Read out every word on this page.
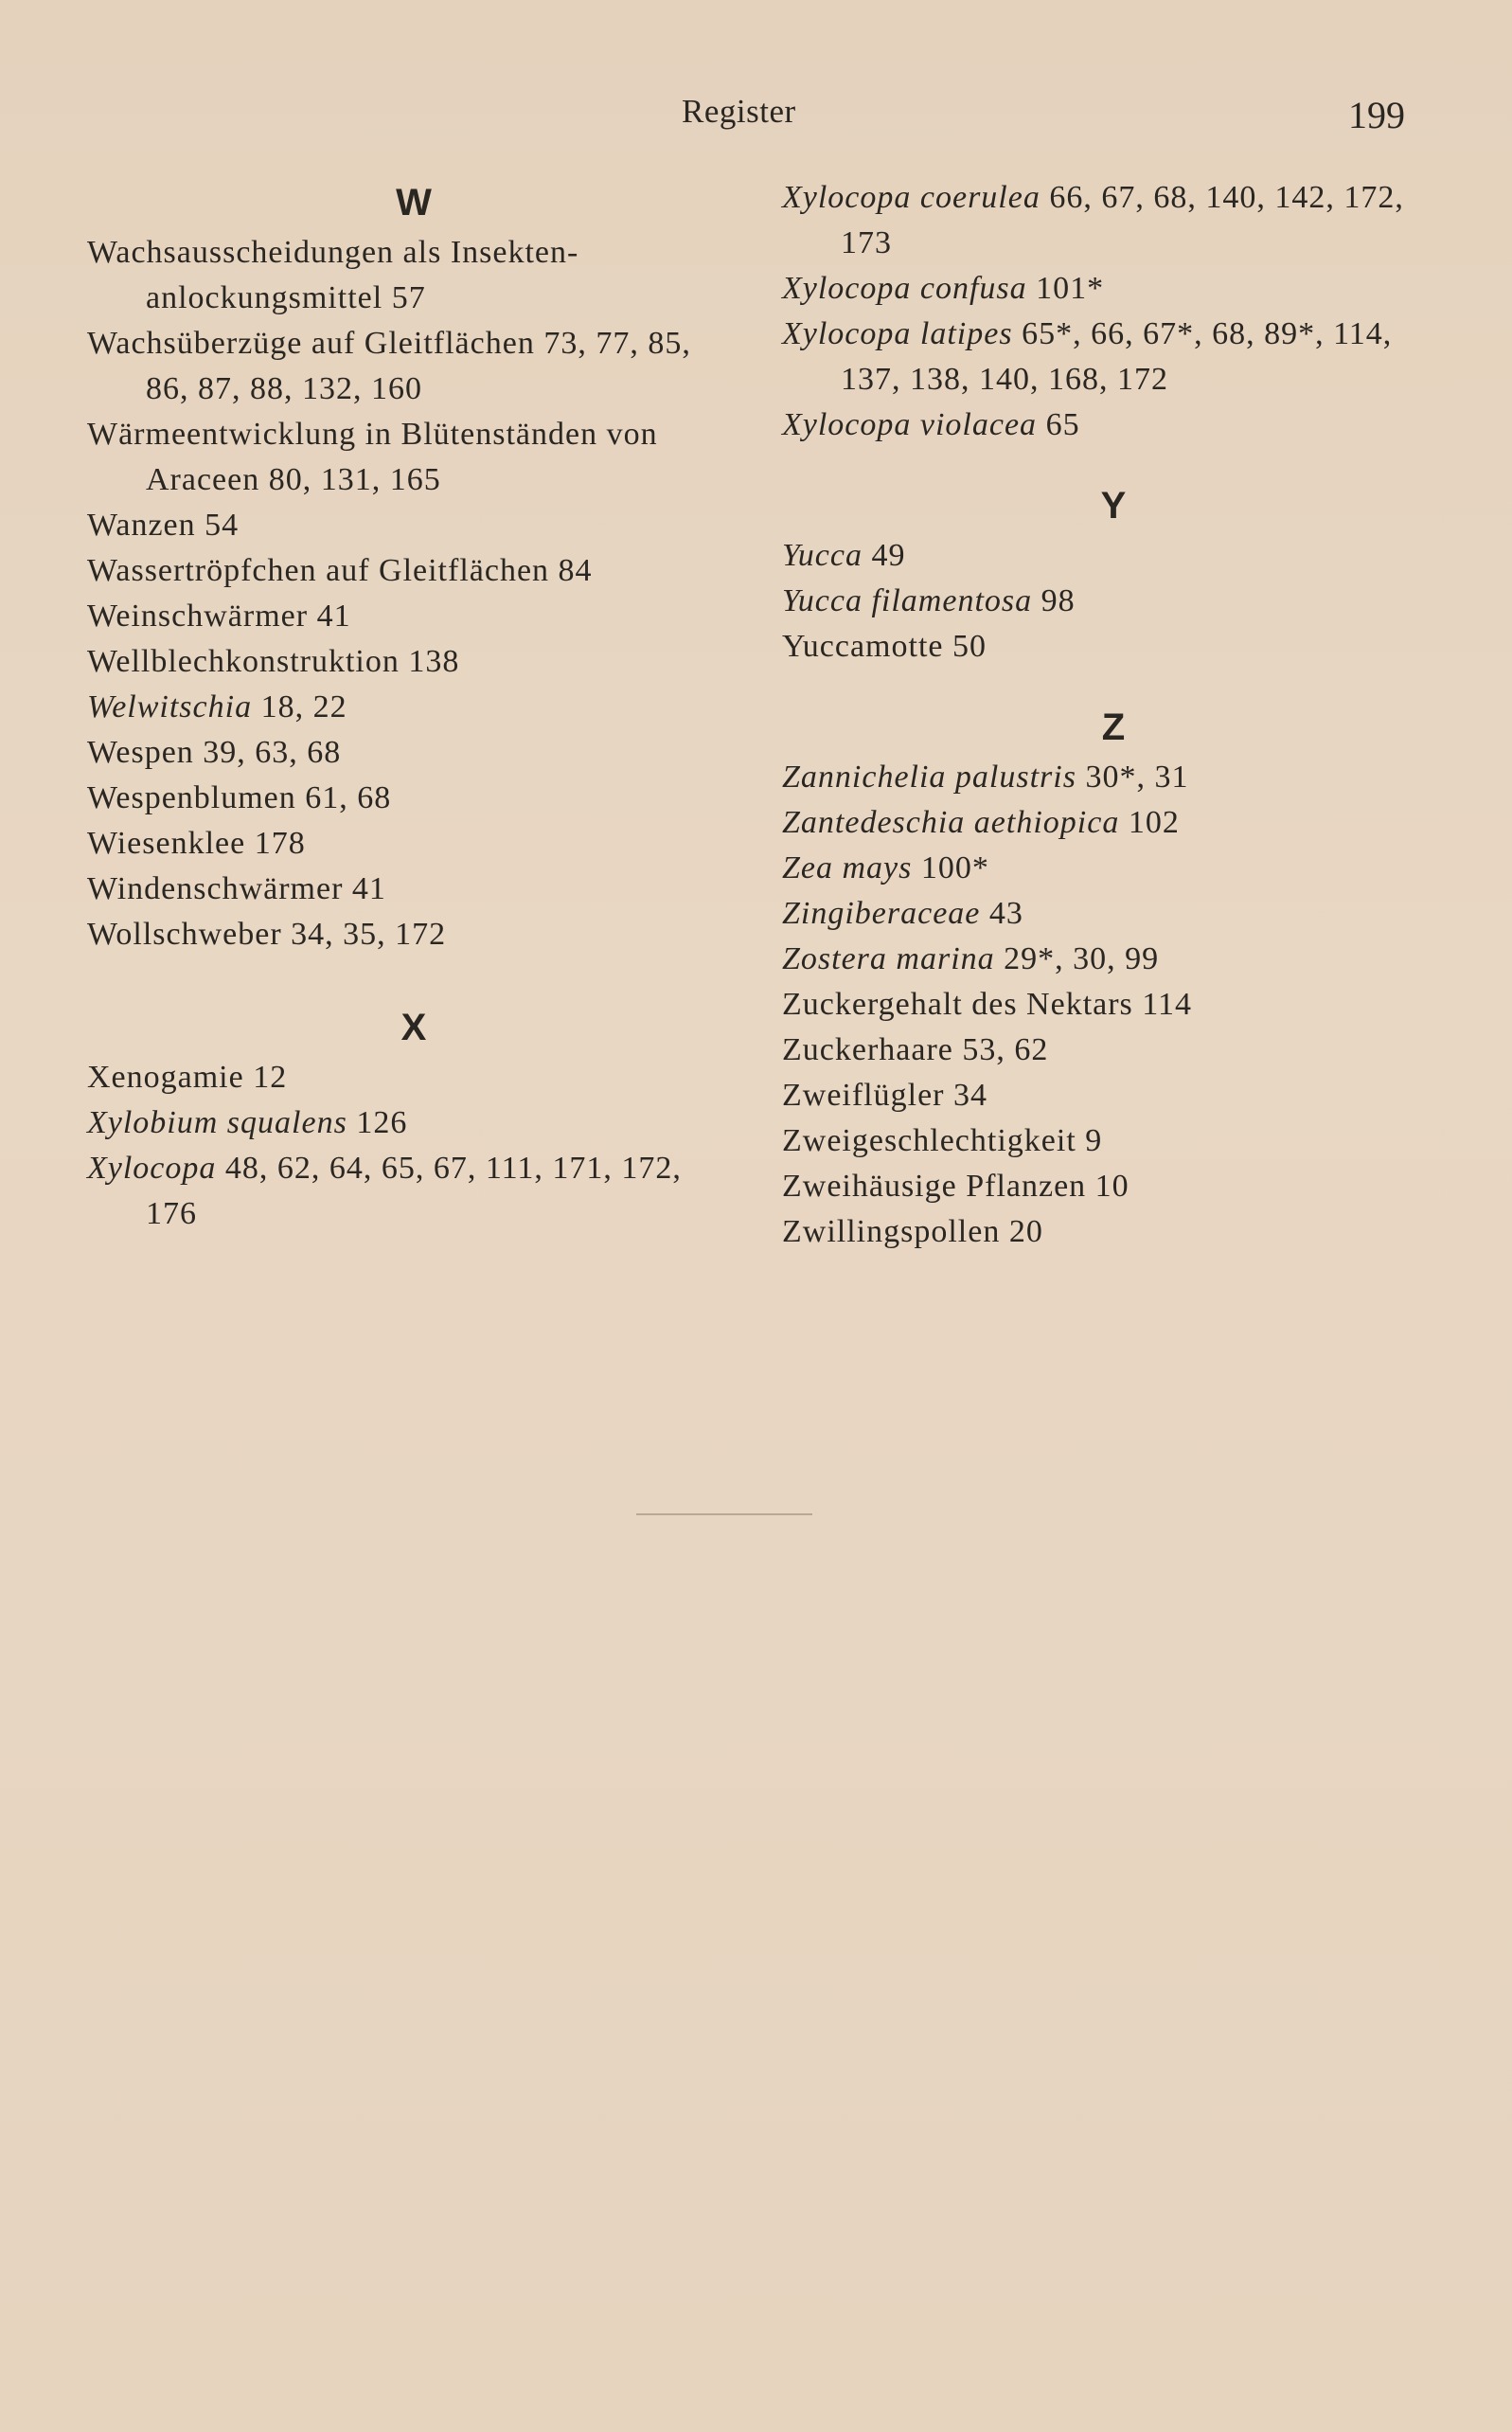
Register	199
W
Wachsausscheidungen als Insekten-anlockungsmittel 57
Wachsüberzüge auf Gleitflächen 73, 77, 85, 86, 87, 88, 132, 160
Wärmeentwicklung in Blütenständen von Araceen 80, 131, 165
Wanzen 54
Wassertröpfchen auf Gleitflächen 84
Weinschwärmer 41
Wellblechkonstruktion 138
Welwitschia 18, 22
Wespen 39, 63, 68
Wespenblumen 61, 68
Wiesenklee 178
Windenschwärmer 41
Wollschweber 34, 35, 172
X
Xenogamie 12
Xylobium squalens 126
Xylocopa 48, 62, 64, 65, 67, 111, 171, 172, 176
Xylocopa coerulea 66, 67, 68, 140, 142, 172, 173
Xylocopa confusa 101*
Xylocopa latipes 65*, 66, 67*, 68, 89*, 114, 137, 138, 140, 168, 172
Xylocopa violacea 65
Y
Yucca 49
Yucca filamentosa 98
Yuccamotte 50
Z
Zannichelia palustris 30*, 31
Zantedeschia aethiopica 102
Zea mays 100*
Zingiberaceae 43
Zostera marina 29*, 30, 99
Zuckergehalt des Nektars 114
Zuckerhaare 53, 62
Zweiflügler 34
Zweigeschlechtigkeit 9
Zweihäusige Pflanzen 10
Zwillingspollen 20
